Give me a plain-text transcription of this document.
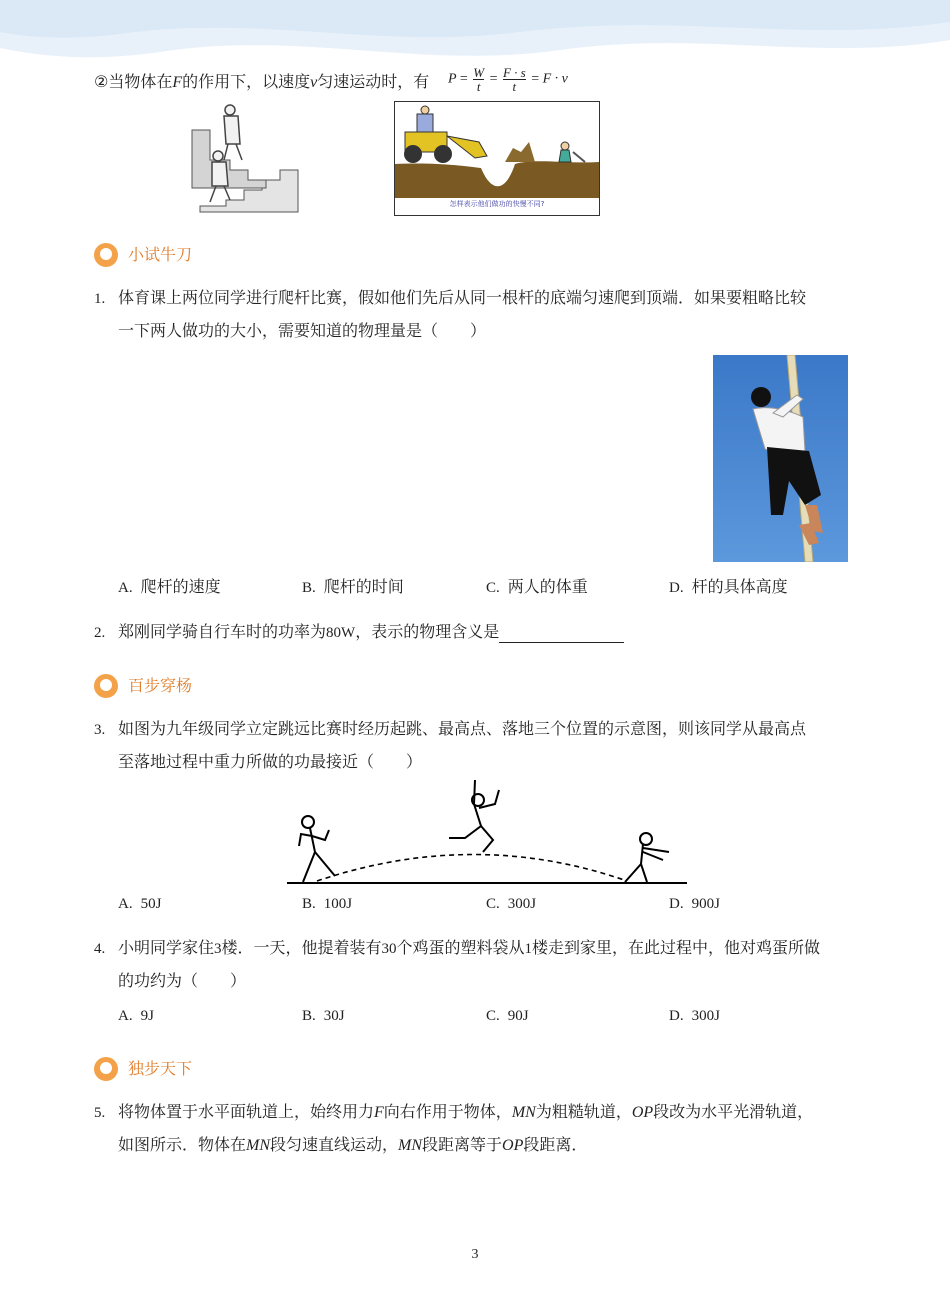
②当物体在F的作用下，以速度v匀速运动时，有 $P = \frac{W}{t} = \frac{F \cdot s}{t} = F \cdot v$
怎样表示他们做功的快慢不同?
小试牛刀
1. 体育课上两位同学进行爬杆比赛，假如他们先后从同一根杆的底端匀速爬到顶端．如果要粗略比较
一下两人做功的大小，需要知道的物理量是（　　）
A. 爬杆的速度	B. 爬杆的时间	C. 两人的体重	D. 杆的具体高度
2. 郑刚同学骑自行车时的功率为80W，表示的物理含义是
百步穿杨
3. 如图为九年级同学立定跳远比赛时经历起跳、最高点、落地三个位置的示意图，则该同学从最高点
至落地过程中重力所做的功最接近（　　）
A. 50J	B. 100J	C. 300J	D. 900J
4. 小明同学家住3楼．一天，他提着装有30个鸡蛋的塑料袋从1楼走到家里，在此过程中，他对鸡蛋所做
的功约为（　　）
A. 9J	B. 30J	C. 90J	D. 300J
独步天下
5. 将物体置于水平面轨道上，始终用力F向右作用于物体，MN为粗糙轨道，OP段改为水平光滑轨道，
如图所示．物体在MN段匀速直线运动，MN段距离等于OP段距离．
3
